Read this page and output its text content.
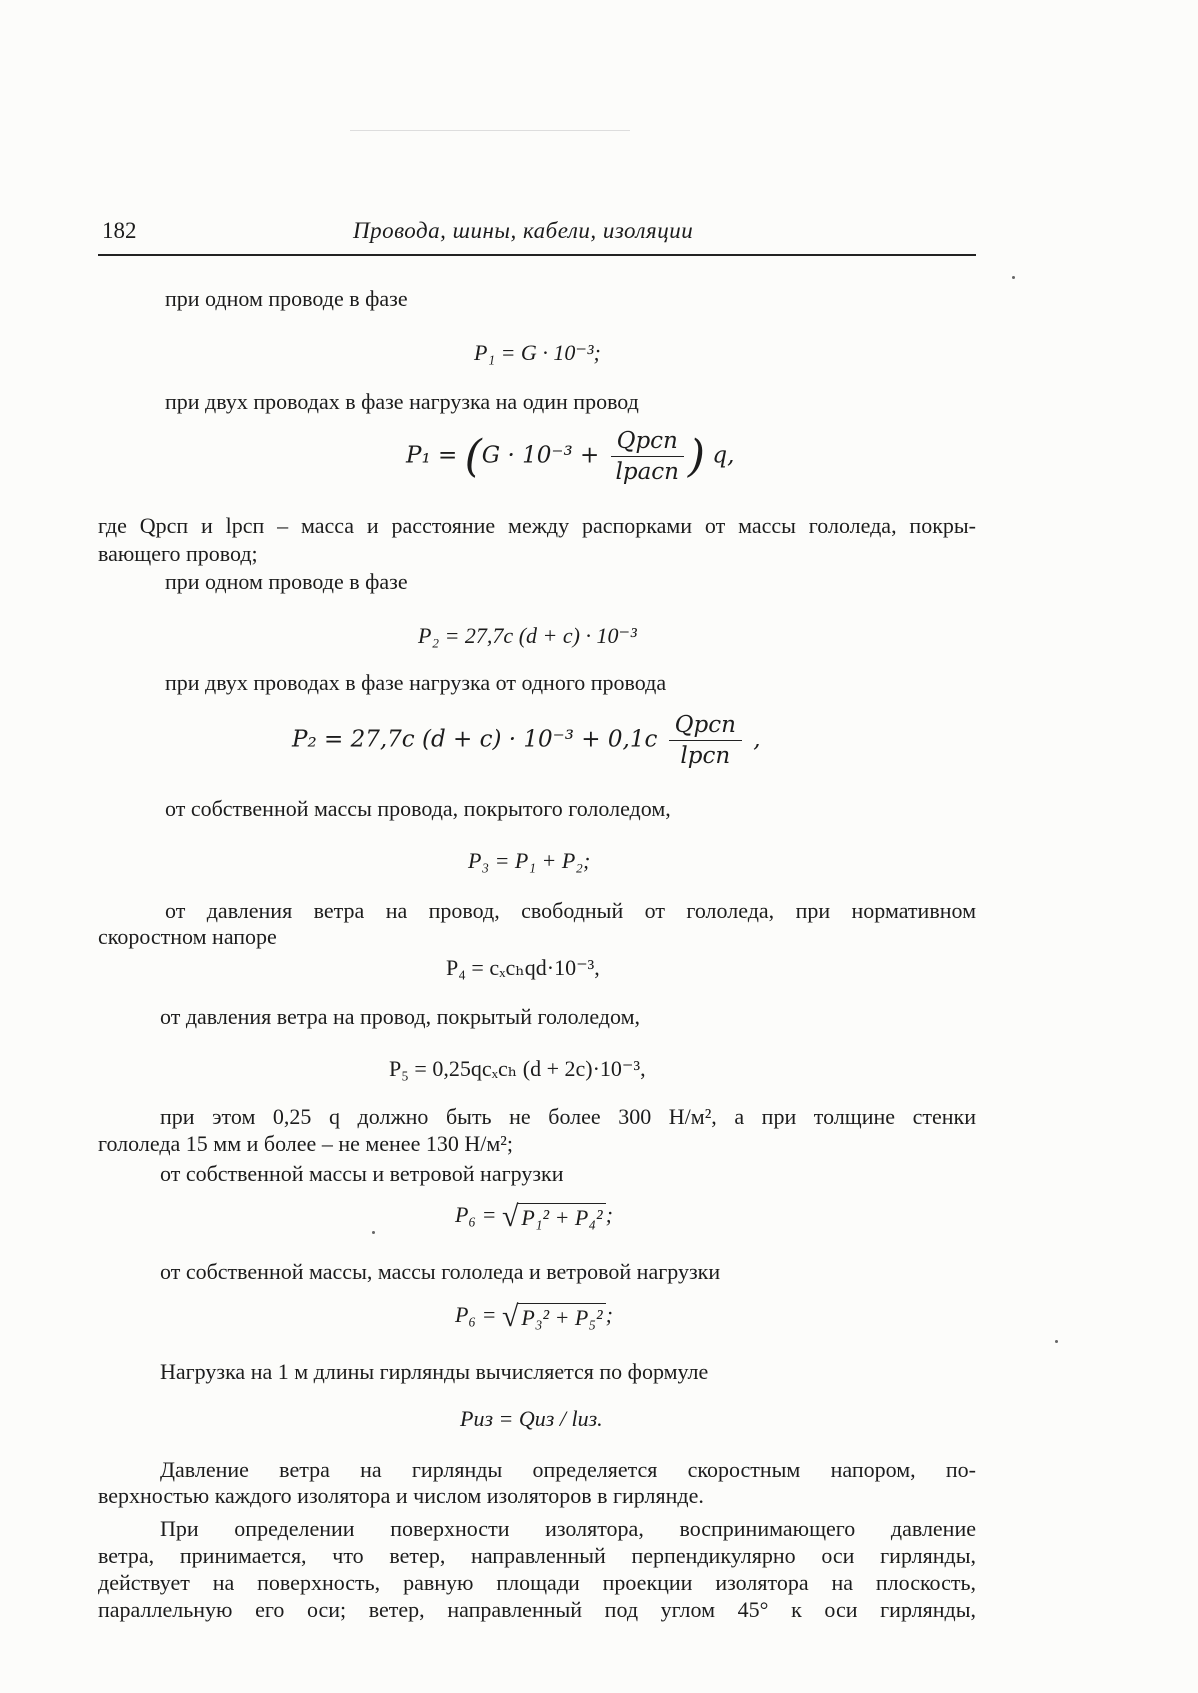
182	Провода, шины, кабели, изоляции
при одном проводе в фазе
P₁ = G · 10⁻³;
при двух проводах в фазе нагрузка на один провод
$P_1 = (G \cdot 10^{-3} + \frac{\text{Qрсп}}{\text{lрасп}}$ ) q,
где Qрсп и lрсп – масса и расстояние между распорками от массы гололеда, покры-
вающего провод;
при одном проводе в фазе
P₂ = 27,7c (d + c) · 10⁻³
при двух проводах в фазе нагрузка от одного провода
P₂ = 27,7c $(d + c) \cdot 10^{-3} + 0,1c \frac{\text{Qрсп}}{\text{lрсп}}$ ,
от собственной массы провода, покрытого гололедом,
P₃ = P₁ + P₂;
от давления ветра на провод, свободный от гололеда, при нормативном
скоростном напоре
P₄ = cₓcₕqd·10⁻³,
от давления ветра на провод, покрытый гололедом,
P₅ = 0,25qcₓcₕ (d + 2c)·10⁻³,
при этом 0,25 q должно быть не более 300 Н/м², а при толщине стенки
гололеда 15 мм и более – не менее 130 Н/м²;
от собственной массы и ветровой нагрузки
P₆ = √ P₁² + P₄² ;
от собственной массы, массы гололеда и ветровой нагрузки
P₆ = √ P₃² + P₅² ;
Нагрузка на 1 м длины гирлянды вычисляется по формуле
Pиз = Qиз / lиз.
Давление ветра на гирлянды определяется скоростным напором, по-
верхностью каждого изолятора и числом изоляторов в гирлянде.
При определении поверхности изолятора, воспринимающего давление
ветра, принимается, что ветер, направленный перпендикулярно оси гирлянды,
действует на поверхность, равную площади проекции изолятора на плоскость,
параллельную его оси; ветер, направленный под углом 45° к оси гирлянды,
